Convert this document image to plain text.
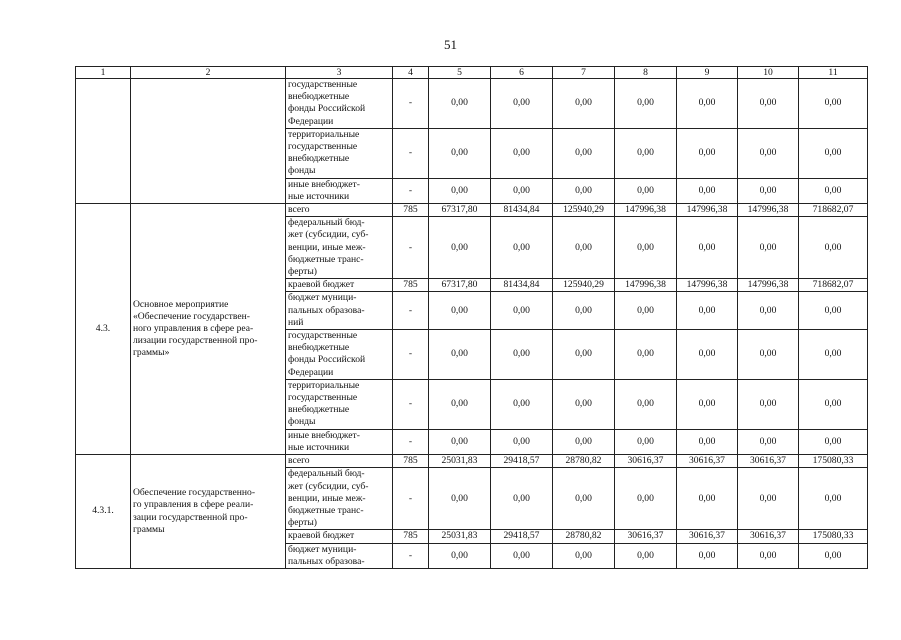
51
1	2	3	4	5	6	7	8	9	10	11

		государственные
внебюджетные
фонды Российской
Федерации	-	0,00	0,00	0,00	0,00	0,00	0,00	0,00

		территориальные
государственные
внебюджетные
фонды	-	0,00	0,00	0,00	0,00	0,00	0,00	0,00

		иные внебюджет-
ные источники	-	0,00	0,00	0,00	0,00	0,00	0,00	0,00
4.3.	Основное мероприятие
«Обеспечение государствен-
ного управления в сфере реа-
лизации государственной про-
граммы»	всего	785	67317,80	81434,84	125940,29	147996,38	147996,38	147996,38	718682,07

		федеральный бюд-
жет (субсидии, суб-
венции, иные меж-
бюджетные транс-
ферты)	-	0,00	0,00	0,00	0,00	0,00	0,00	0,00

		краевой бюджет	785	67317,80	81434,84	125940,29	147996,38	147996,38	147996,38	718682,07

		бюджет муници-
пальных образова-
ний	-	0,00	0,00	0,00	0,00	0,00	0,00	0,00

		государственные
внебюджетные
фонды Российской
Федерации	-	0,00	0,00	0,00	0,00	0,00	0,00	0,00

		территориальные
государственные
внебюджетные
фонды	-	0,00	0,00	0,00	0,00	0,00	0,00	0,00

		иные внебюджет-
ные источники	-	0,00	0,00	0,00	0,00	0,00	0,00	0,00
4.3.1.	Обеспечение государственно-
го управления в сфере реали-
зации государственной про-
граммы	всего	785	25031,83	29418,57	28780,82	30616,37	30616,37	30616,37	175080,33

		федеральный бюд-
жет (субсидии, суб-
венции, иные меж-
бюджетные транс-
ферты)	-	0,00	0,00	0,00	0,00	0,00	0,00	0,00

		краевой бюджет	785	25031,83	29418,57	28780,82	30616,37	30616,37	30616,37	175080,33

		бюджет муници-
пальных образова-	-	0,00	0,00	0,00	0,00	0,00	0,00	0,00
